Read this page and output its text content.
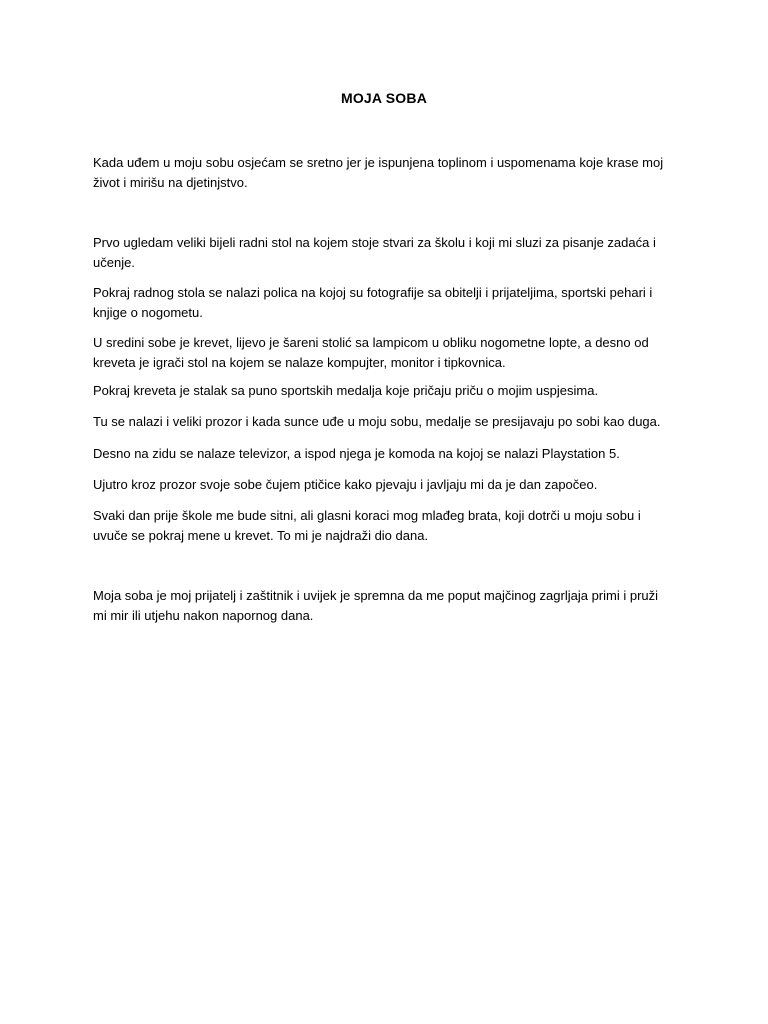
MOJA SOBA

Kada uđem u moju sobu osjećam se sretno jer je ispunjena toplinom i uspomenama koje krase moj život i mirišu na djetinjstvo.

Prvo ugledam veliki bijeli radni stol na kojem stoje stvari za školu i koji mi sluzi za pisanje zadaća i učenje.

Pokraj radnog stola se nalazi polica na kojoj su fotografije sa obitelji i prijateljima, sportski pehari i knjige o nogometu.

U sredini sobe je krevet, lijevo je šareni stolić sa lampicom u obliku nogometne lopte, a desno od kreveta je igrači stol na kojem se nalaze kompujter, monitor i tipkovnica.

Pokraj kreveta je stalak sa puno sportskih medalja koje pričaju priču o mojim uspjesima.

Tu se nalazi i veliki prozor i kada sunce uđe u moju sobu, medalje se presijavaju po sobi kao duga.

Desno na zidu se nalaze televizor, a ispod njega je komoda na kojoj se nalazi Playstation 5.

Ujutro kroz prozor svoje sobe čujem ptičice kako pjevaju i javljaju mi da je dan započeo.

Svaki dan prije škole me bude sitni, ali glasni koraci mog mlađeg brata, koji dotrči u moju sobu i uvuče se pokraj mene u krevet. To mi je najdraži dio dana.

Moja soba je moj prijatelj i zaštitnik i uvijek je spremna da me poput majčinog zagrljaja primi i pruži mi mir ili utjehu nakon napornog dana.
